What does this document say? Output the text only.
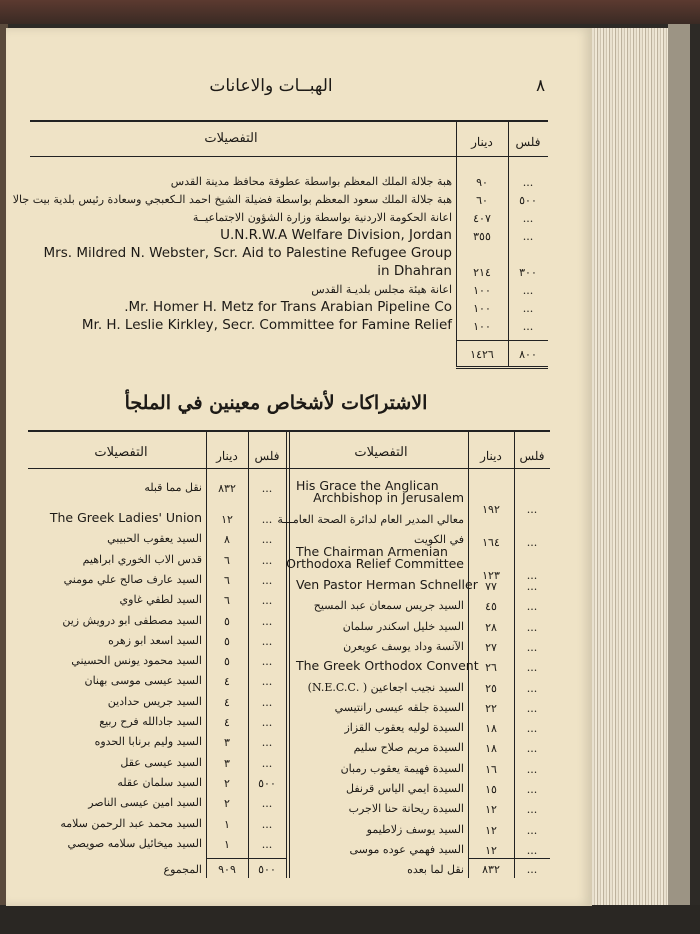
٨
الهبــات والاعانات
فلس
دينار
التفصيلات
...
٩٠
هبة جلالة الملك المعظم بواسطة عطوفة محافظ مدينة القدس
٥٠٠
٦٠
هبة جلالة الملك سعود المعظم بواسطة فضيلة الشيخ احمد الـكعبجي وسعادة رئيس بلدية بيت جالا
...
٤٠٧
اعانة الحكومة الاردنية بواسطة وزارة الشؤون الاجتماعيــة
...
٣٥٥
U.N.R.W.A Welfare Division, Jordan
Mrs. Mildred N. Webster, Scr. Aid to Palestine Refugee Group
٣٠٠
٢١٤
in Dhahran
...
١٠٠
اعانة هيئة مجلس بلديـة القدس
...
١٠٠
Mr. Homer H. Metz for Trans Arabian Pipeline Co.
...
١٠٠
Mr. H. Leslie Kirkley, Secr. Committee for Famine Relief
٨٠٠
١٤٢٦
الاشتراكات لأشخاص معينين في الملجأ
فلس
دينار
التفصيلات
فلس
دينار
التفصيلات
...
١٩٢
His Grace the Anglican
Archbishop in Jerusalem
...
١٦٤
معالي المدير العام لدائرة الصحة العامـــة
في الكويت
...
١٢٣
The Chairman Armenian
Orthodoxa Relief Committee
...
٧٧
Ven Pastor Herman Schneller
...
٤٥
السيد جريس سمعان عبد المسيح
...
٢٨
السيد خليل اسكندر سلمان
...
٢٧
الآنسة وداد يوسف عويعرن
...
٢٦
The Greek Orthodox Convent
...
٢٥
السيد نجيب اجعاعين ( .N.E.C.C)
...
٢٢
السيدة جلقه عيسى رانتيسي
...
١٨
السيدة لوليه يعقوب القزاز
...
١٨
السيدة مريم صلاح سليم
...
١٦
السيدة فهيمة يعقوب رمبان
...
١٥
السيدة ايمي الياس قرنفل
...
١٢
السيدة ريحانة حنا الاجرب
...
١٢
السيد يوسف زلاطيمو
...
١٢
السيد فهمي عوده موسى
...
٨٣٢
نقل لما بعده
...
٨٣٢
نقل مما قبله
...
١٢
The Greek Ladies' Union
...
٨
السيد يعقوب الحبيبي
...
٦
قدس الاب الخوري ابراهيم
...
٦
السيد عارف صالح علي مومني
...
٦
السيد لطفي غاوي
...
٥
السيد مصطفى ابو درويش زين
...
٥
السيد اسعد ابو زهره
...
٥
السيد محمود يونس الحسيني
...
٤
السيد عيسى موسى بهنان
...
٤
السيد جريس حدادين
...
٤
السيد جادالله فرح ربيع
...
٣
السيد وليم برنابا الحدوه
...
٣
السيد عيسى عقل
٥٠٠
٢
السيد سلمان عقله
...
٢
السيد امين عيسى الناصر
...
١
السيد محمد عبد الرحمن سلامه
...
١
السيد ميخائيل سلامه صويصي
٥٠٠
٩٠٩
المجموع
